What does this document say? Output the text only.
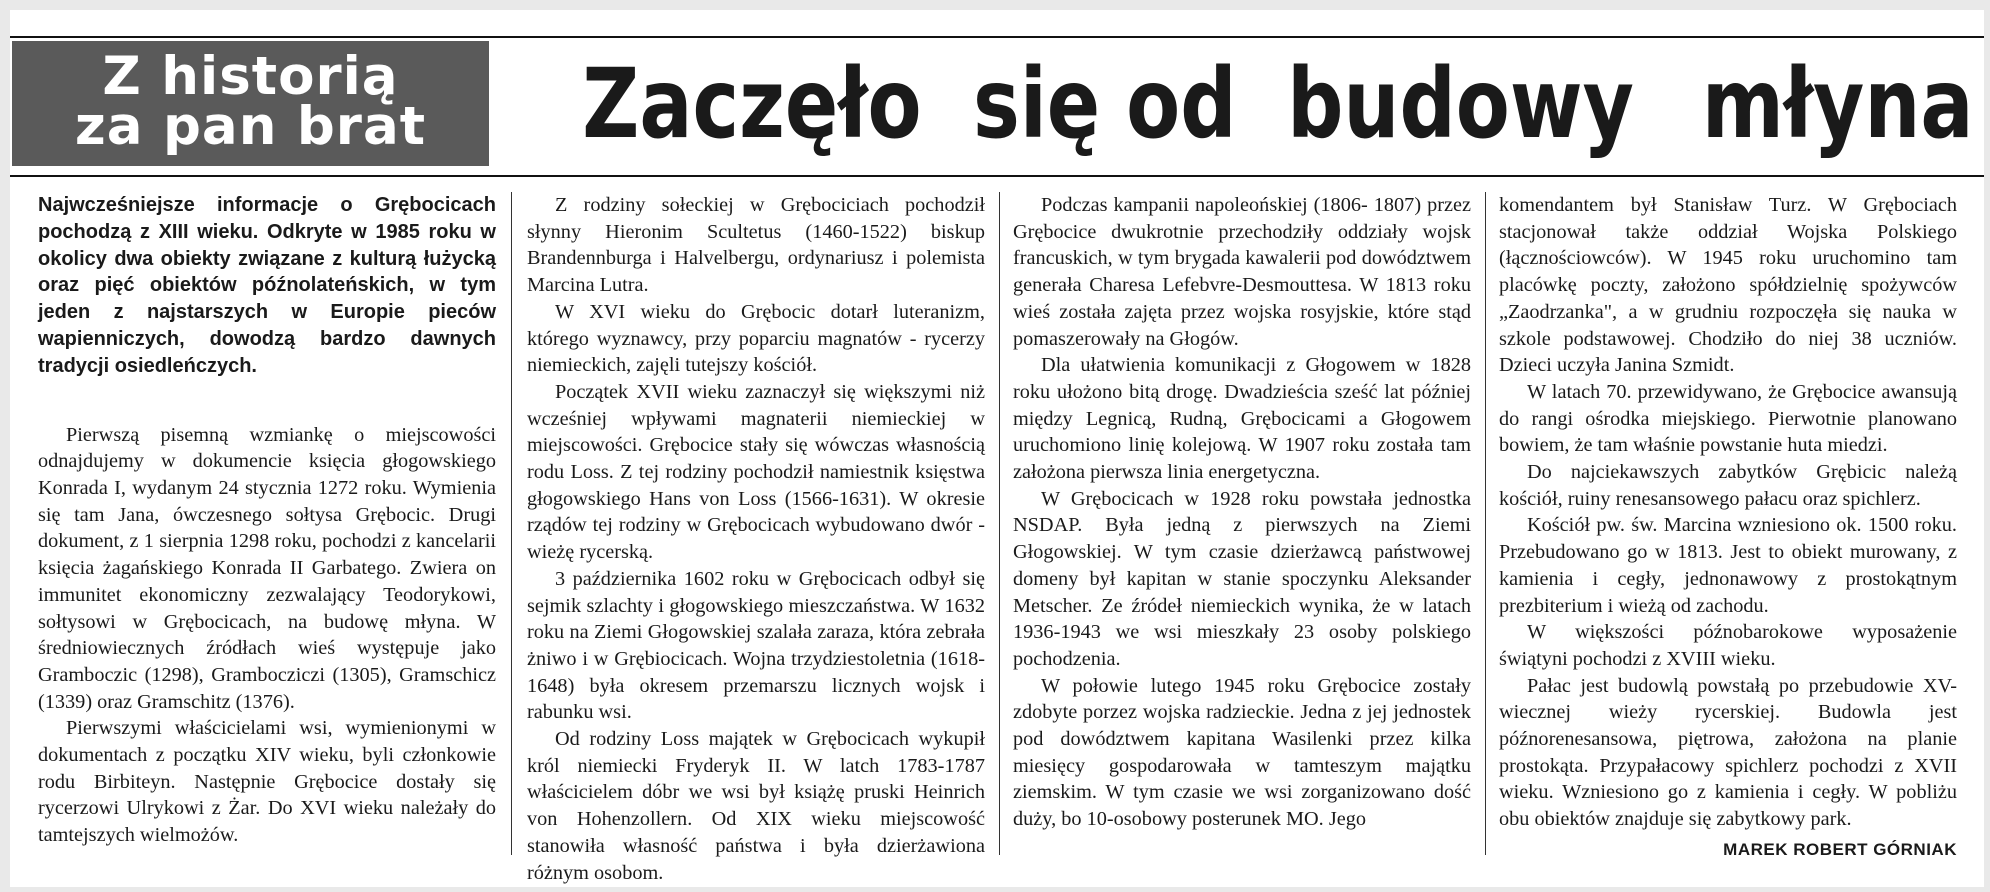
Z historią
za pan brat	Zaczęło się od budowy młyna

Najwcześniejsze informacje o Grębocicach pochodzą z XIII wieku. Odkryte w 1985 roku w okolicy dwa obiekty związane z kulturą łużycką oraz pięć obiektów późnolateńskich, w tym jeden z najstarszych w Europie pieców wapienniczych, dowodzą bardzo dawnych tradycji osiedleńczych.

Pierwszą pisemną wzmiankę o miejscowości odnajdujemy w dokumencie księcia głogowskiego Konrada I, wydanym 24 stycznia 1272 roku. Wymienia się tam Jana, ówczesnego sołtysa Grębocic. Drugi dokument, z 1 sierpnia 1298 roku, pochodzi z kancelarii księcia żagańskiego Konrada II Garbatego. Zwiera on immunitet ekonomiczny zezwalający Teodorykowi, sołtysowi w Grębocicach, na budowę młyna. W średniowiecznych źródłach wieś występuje jako Gramboczic (1298), Grambocziczi (1305), Gramschicz (1339) oraz Gramschitz (1376).

Pierwszymi właścicielami wsi, wymienionymi w dokumentach z początku XIV wieku, byli członkowie rodu Birbiteyn. Następnie Grębocice dostały się rycerzowi Ulrykowi z Żar. Do XVI wieku należały do tamtejszych wielmożów.

Z rodziny sołeckiej w Grębociciach pochodził słynny Hieronim Scultetus (1460-1522) biskup Brandennburga i Halvelbergu, ordynariusz i polemista Marcina Lutra.

W XVI wieku do Grębocic dotarł luteranizm, którego wyznawcy, przy poparciu magnatów - rycerzy niemieckich, zajęli tutejszy kościół.

Początek XVII wieku zaznaczył się większymi niż wcześniej wpływami magnaterii niemieckiej w miejscowości. Grębocice stały się wówczas własnością rodu Loss. Z tej rodziny pochodził namiestnik księstwa głogowskiego Hans von Loss (1566-1631). W okresie rządów tej rodziny w Grębocicach wybudowano dwór - wieżę rycerską.

3 października 1602 roku w Grębocicach odbył się sejmik szlachty i głogowskiego mieszczaństwa. W 1632 roku na Ziemi Głogowskiej szalała zaraza, która zebrała żniwo i w Grębiocicach. Wojna trzydziestoletnia (1618-1648) była okresem przemarszu licznych wojsk i rabunku wsi.

Od rodziny Loss majątek w Grębocicach wykupił król niemiecki Fryderyk II. W latch 1783-1787 właścicielem dóbr we wsi był książę pruski Heinrich von Hohenzollern. Od XIX wieku miejscowość stanowiła własność państwa i była dzierżawiona różnym osobom.

Podczas kampanii napoleońskiej (1806- 1807) przez Grębocice dwukrotnie przechodziły oddziały wojsk francuskich, w tym brygada kawalerii pod dowództwem generała Charesa Lefebvre-Desmouttesa. W 1813 roku wieś została zajęta przez wojska rosyjskie, które stąd pomaszerowały na Głogów.

Dla ułatwienia komunikacji z Głogowem w 1828 roku ułożono bitą drogę. Dwadzieścia sześć lat później między Legnicą, Rudną, Grębocicami a Głogowem uruchomiono linię kolejową. W 1907 roku została tam założona pierwsza linia energetyczna.

W Grębocicach w 1928 roku powstała jednostka NSDAP. Była jedną z pierwszych na Ziemi Głogowskiej. W tym czasie dzierżawcą państwowej domeny był kapitan w stanie spoczynku Aleksander Metscher. Ze źródeł niemieckich wynika, że w latach 1936-1943 we wsi mieszkały 23 osoby polskiego pochodzenia.

W połowie lutego 1945 roku Grębocice zostały zdobyte porzez wojska radzieckie. Jedna z jej jednostek pod dowództwem kapitana Wasilenki przez kilka miesięcy gospodarowała w tamteszym majątku ziemskim. W tym czasie we wsi zorganizowano dość duży, bo 10-osobowy posterunek MO. Jego

komendantem był Stanisław Turz. W Grębociach stacjonował także oddział Wojska Polskiego (łącznościowców). W 1945 roku uruchomino tam placówkę poczty, założono spółdzielnię spożywców „Zaodrzanka", a w grudniu rozpoczęła się nauka w szkole podstawowej. Chodziło do niej 38 uczniów. Dzieci uczyła Janina Szmidt.

W latach 70. przewidywano, że Grębocice awansują do rangi ośrodka miejskiego. Pierwotnie planowano bowiem, że tam właśnie powstanie huta miedzi.

Do najciekawszych zabytków Grębicic należą kościół, ruiny renesansowego pałacu oraz spichlerz.

Kościół pw. św. Marcina wzniesiono ok. 1500 roku. Przebudowano go w 1813. Jest to obiekt murowany, z kamienia i cegły, jednonawowy z prostokątnym prezbiterium i wieżą od zachodu.

W większości późnobarokowe wyposażenie świątyni pochodzi z XVIII wieku.

Pałac jest budowlą powstałą po przebudowie XV-wiecznej wieży rycerskiej. Budowla jest późnorenesansowa, piętrowa, założona na planie prostokąta. Przypałacowy spichlerz pochodzi z XVII wieku. Wzniesiono go z kamienia i cegły. W pobliżu obu obiektów znajduje się zabytkowy park.

MAREK ROBERT GÓRNIAK
